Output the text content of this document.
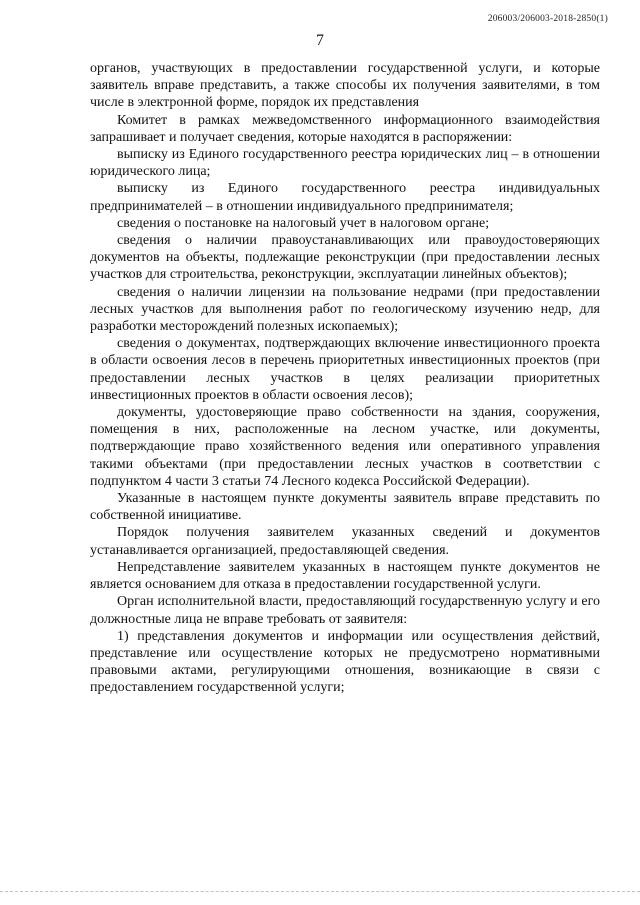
206003/206003-2018-2850(1)
7

органов, участвующих в предоставлении государственной услуги, и которые заявитель вправе представить, а также способы их получения заявителями, в том числе в электронной форме, порядок их представления

Комитет в рамках межведомственного информационного взаимодействия запрашивает и получает сведения, которые находятся в распоряжении:

выписку из Единого государственного реестра юридических лиц – в отношении юридического лица;

выписку из Единого государственного реестра индивидуальных предпринимателей – в отношении индивидуального предпринимателя;

сведения о постановке на налоговый учет в налоговом органе;

сведения о наличии правоустанавливающих или правоудостоверяющих документов на объекты, подлежащие реконструкции (при предоставлении лесных участков для строительства, реконструкции, эксплуатации линейных объектов);

сведения о наличии лицензии на пользование недрами (при предоставлении лесных участков для выполнения работ по геологическому изучению недр, для разработки месторождений полезных ископаемых);

сведения о документах, подтверждающих включение инвестиционного проекта в области освоения лесов в перечень приоритетных инвестиционных проектов (при предоставлении лесных участков в целях реализации приоритетных инвестиционных проектов в области освоения лесов);

документы, удостоверяющие право собственности на здания, сооружения, помещения в них, расположенные на лесном участке, или документы, подтверждающие право хозяйственного ведения или оперативного управления такими объектами (при предоставлении лесных участков в соответствии с подпунктом 4 части 3 статьи 74 Лесного кодекса Российской Федерации).

Указанные в настоящем пункте документы заявитель вправе представить по собственной инициативе.

Порядок получения заявителем указанных сведений и документов устанавливается организацией, предоставляющей сведения.

Непредставление заявителем указанных в настоящем пункте документов не является основанием для отказа в предоставлении государственной услуги.

Орган исполнительной власти, предоставляющий государственную услугу и его должностные лица не вправе требовать от заявителя:

1) представления документов и информации или осуществления действий, представление или осуществление которых не предусмотрено нормативными правовыми актами, регулирующими отношения, возникающие в связи с предоставлением государственной услуги;
